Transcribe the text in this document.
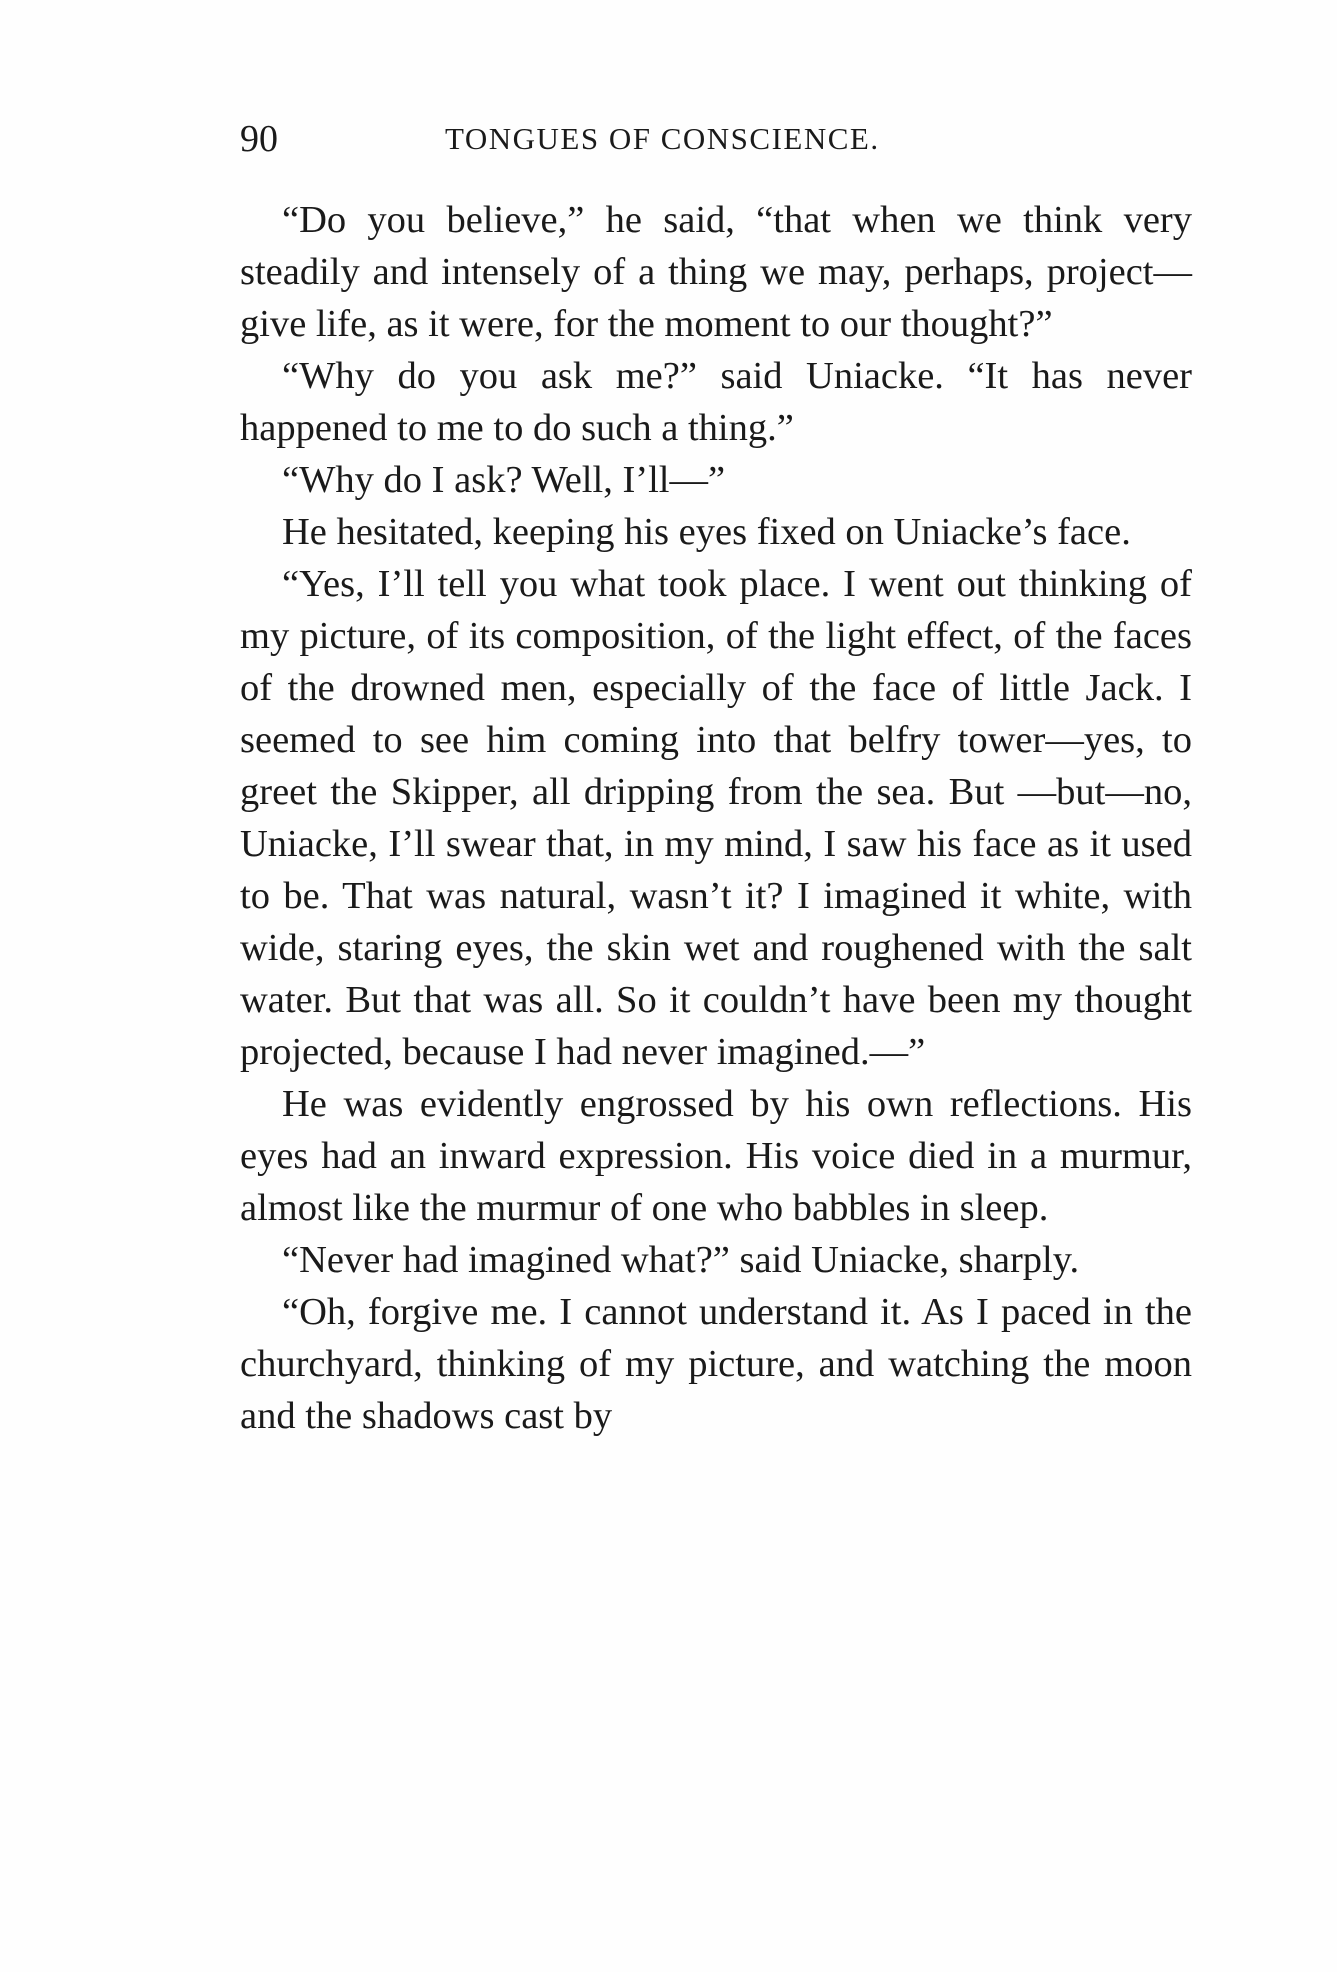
90	TONGUES OF CONSCIENCE.

“Do you believe,” he said, “that when we think very steadily and intensely of a thing we may, perhaps, project—give life, as it were, for the moment to our thought?”

“Why do you ask me?” said Uniacke. “It has never happened to me to do such a thing.”

“Why do I ask? Well, I’ll—”

He hesitated, keeping his eyes fixed on Uniacke’s face.

“Yes, I’ll tell you what took place. I went out thinking of my picture, of its composition, of the light effect, of the faces of the drowned men, especially of the face of little Jack. I seemed to see him coming into that belfry tower—yes, to greet the Skipper, all dripping from the sea. But —but—no, Uniacke, I’ll swear that, in my mind, I saw his face as it used to be. That was natural, wasn’t it? I imagined it white, with wide, staring eyes, the skin wet and roughened with the salt water. But that was all. So it couldn’t have been my thought projected, because I had never imagined.—”

He was evidently engrossed by his own reflections. His eyes had an inward expression. His voice died in a murmur, almost like the murmur of one who babbles in sleep.

“Never had imagined what?” said Uniacke, sharply.

“Oh, forgive me. I cannot understand it. As I paced in the churchyard, thinking of my picture, and watching the moon and the shadows cast by
